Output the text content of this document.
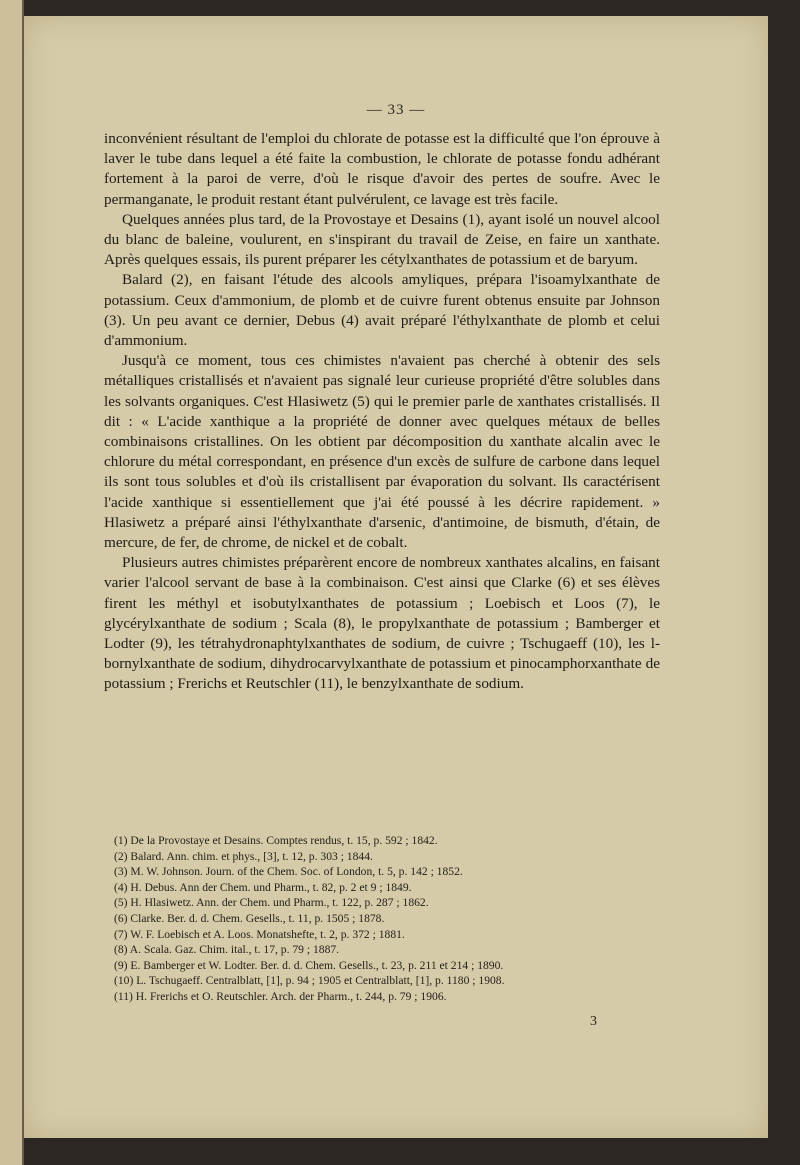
— 33 —

inconvénient résultant de l'emploi du chlorate de potasse est la difficulté que l'on éprouve à laver le tube dans lequel a été faite la combustion, le chlorate de potasse fondu adhérant fortement à la paroi de verre, d'où le risque d'avoir des pertes de soufre. Avec le permanganate, le produit restant étant pulvérulent, ce lavage est très facile.

Quelques années plus tard, de la Provostaye et Desains (1), ayant isolé un nouvel alcool du blanc de baleine, voulurent, en s'inspirant du travail de Zeise, en faire un xanthate. Après quelques essais, ils purent préparer les cétylxanthates de potassium et de baryum.

Balard (2), en faisant l'étude des alcools amyliques, prépara l'isoamylxanthate de potassium. Ceux d'ammonium, de plomb et de cuivre furent obtenus ensuite par Johnson (3). Un peu avant ce dernier, Debus (4) avait préparé l'éthylxanthate de plomb et celui d'ammonium.

Jusqu'à ce moment, tous ces chimistes n'avaient pas cherché à obtenir des sels métalliques cristallisés et n'avaient pas signalé leur curieuse propriété d'être solubles dans les solvants organiques. C'est Hlasiwetz (5) qui le premier parle de xanthates cristallisés. Il dit : « L'acide xanthique a la propriété de donner avec quelques métaux de belles combinaisons cristallines. On les obtient par décomposition du xanthate alcalin avec le chlorure du métal correspondant, en présence d'un excès de sulfure de carbone dans lequel ils sont tous solubles et d'où ils cristallisent par évaporation du solvant. Ils caractérisent l'acide xanthique si essentiellement que j'ai été poussé à les décrire rapidement. » Hlasiwetz a préparé ainsi l'éthylxanthate d'arsenic, d'antimoine, de bismuth, d'étain, de mercure, de fer, de chrome, de nickel et de cobalt.

Plusieurs autres chimistes préparèrent encore de nombreux xanthates alcalins, en faisant varier l'alcool servant de base à la combinaison. C'est ainsi que Clarke (6) et ses élèves firent les méthyl et isobutylxanthates de potassium ; Loebisch et Loos (7), le glycérylxanthate de sodium ; Scala (8), le propylxanthate de potassium ; Bamberger et Lodter (9), les tétrahydronaphtylxanthates de sodium, de cuivre ; Tschugaeff (10), les l-bornylxanthate de sodium, dihydrocarvylxanthate de potassium et pinocamphorxanthate de potassium ; Frerichs et Reutschler (11), le benzylxanthate de sodium.

(1) De la Provostaye et Desains. Comptes rendus, t. 15, p. 592 ; 1842.

(2) Balard. Ann. chim. et phys., [3], t. 12, p. 303 ; 1844.

(3) M. W. Johnson. Journ. of the Chem. Soc. of London, t. 5, p. 142 ; 1852.

(4) H. Debus. Ann der Chem. und Pharm., t. 82, p. 2 et 9 ; 1849.

(5) H. Hlasiwetz. Ann. der Chem. und Pharm., t. 122, p. 287 ; 1862.

(6) Clarke. Ber. d. d. Chem. Gesells., t. 11, p. 1505 ; 1878.

(7) W. F. Loebisch et A. Loos. Monatshefte, t. 2, p. 372 ; 1881.

(8) A. Scala. Gaz. Chim. ital., t. 17, p. 79 ; 1887.

(9) E. Bamberger et W. Lodter. Ber. d. d. Chem. Gesells., t. 23, p. 211 et 214 ; 1890.

(10) L. Tschugaeff. Centralblatt, [1], p. 94 ; 1905 et Centralblatt, [1], p. 1180 ; 1908.

(11) H. Frerichs et O. Reutschler. Arch. der Pharm., t. 244, p. 79 ; 1906.

3
